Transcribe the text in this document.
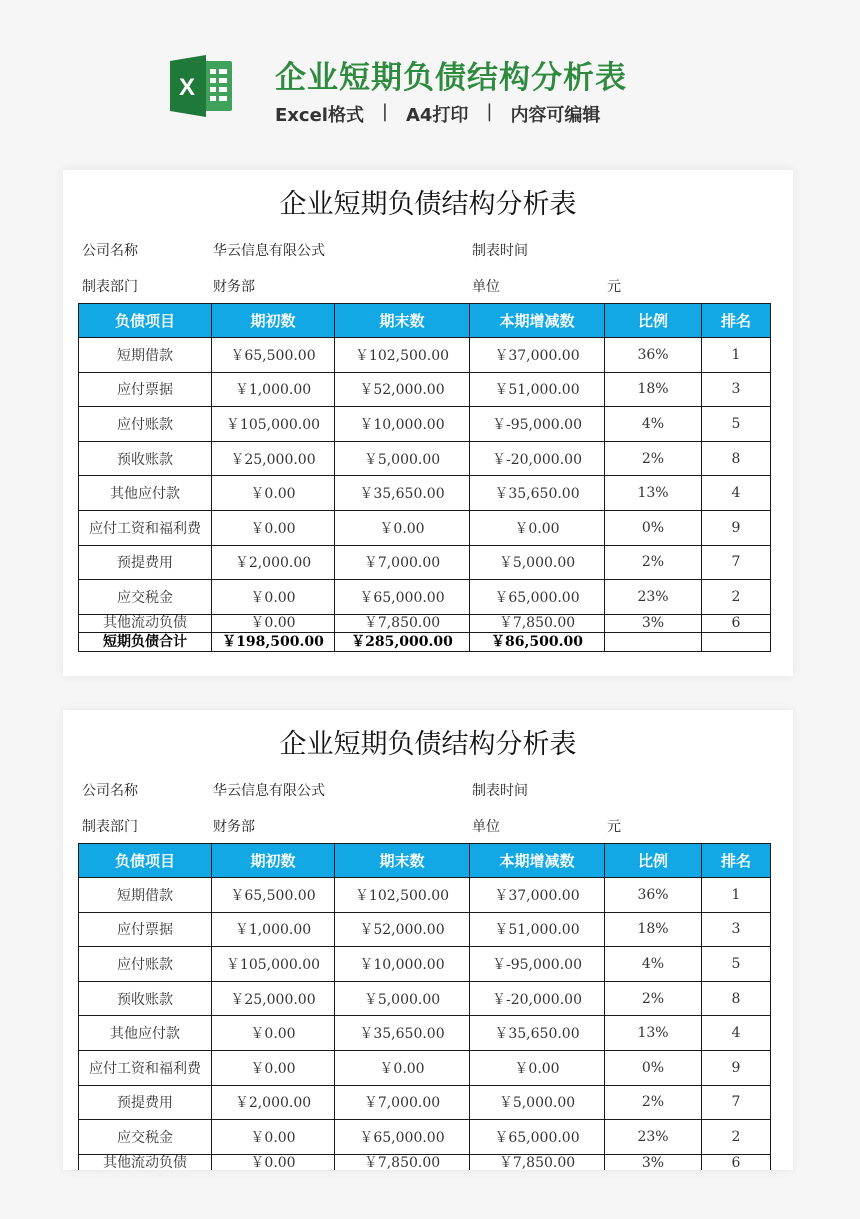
X	企业短期负债结构分析表
Excel格式 | A4打印 | 内容可编辑
企业短期负债结构分析表
公司名称	华云信息有限公式	制表时间
制表部门	财务部	单位	元
负债项目	期初数	期末数	本期增减数	比例	排名
短期借款	￥65,500.00	￥102,500.00	￥37,000.00	36%	1
应付票据	￥1,000.00	￥52,000.00	￥51,000.00	18%	3
应付账款	￥105,000.00	￥10,000.00	￥-95,000.00	4%	5
预收账款	￥25,000.00	￥5,000.00	￥-20,000.00	2%	8
其他应付款	￥0.00	￥35,650.00	￥35,650.00	13%	4
应付工资和福利费	￥0.00	￥0.00	￥0.00	0%	9
预提费用	￥2,000.00	￥7,000.00	￥5,000.00	2%	7
应交税金	￥0.00	￥65,000.00	￥65,000.00	23%	2
其他流动负债	￥0.00	￥7,850.00	￥7,850.00	3%	6
短期负债合计	￥198,500.00	￥285,000.00	￥86,500.00		
企业短期负债结构分析表
公司名称	华云信息有限公式	制表时间
制表部门	财务部	单位	元
负债项目	期初数	期末数	本期增减数	比例	排名
短期借款	￥65,500.00	￥102,500.00	￥37,000.00	36%	1
应付票据	￥1,000.00	￥52,000.00	￥51,000.00	18%	3
应付账款	￥105,000.00	￥10,000.00	￥-95,000.00	4%	5
预收账款	￥25,000.00	￥5,000.00	￥-20,000.00	2%	8
其他应付款	￥0.00	￥35,650.00	￥35,650.00	13%	4
应付工资和福利费	￥0.00	￥0.00	￥0.00	0%	9
预提费用	￥2,000.00	￥7,000.00	￥5,000.00	2%	7
应交税金	￥0.00	￥65,000.00	￥65,000.00	23%	2
其他流动负债	￥0.00	￥7,850.00	￥7,850.00	3%	6
